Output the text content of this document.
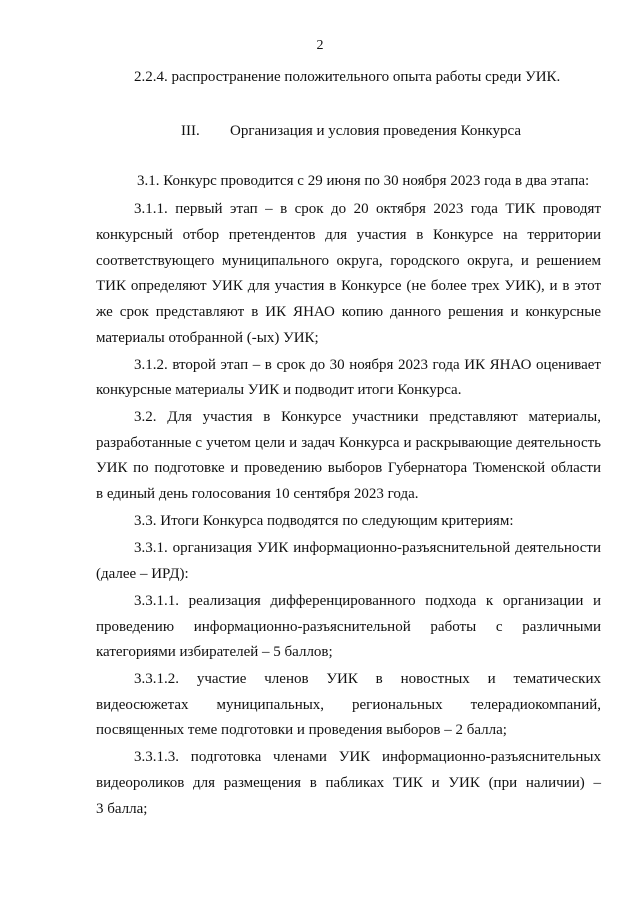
2
2.2.4. распространение положительного опыта работы среди УИК.
III. Организация и условия проведения Конкурса
3.1. Конкурс проводится с 29 июня по 30 ноября 2023 года в два этапа:
3.1.1. первый этап – в срок до 20 октября 2023 года ТИК проводят
конкурсный отбор претендентов для участия в Конкурсе на территории
соответствующего муниципального округа, городского округа, и решением
ТИК определяют УИК для участия в Конкурсе (не более трех УИК), и в этот
же срок представляют в ИК ЯНАО копию данного решения и конкурсные
материалы отобранной (-ых) УИК;
3.1.2. второй этап – в срок до 30 ноября 2023 года ИК ЯНАО оценивает
конкурсные материалы УИК и подводит итоги Конкурса.
3.2. Для участия в Конкурсе участники представляют материалы,
разработанные с учетом цели и задач Конкурса и раскрывающие деятельность
УИК по подготовке и проведению выборов Губернатора Тюменской области
в единый день голосования 10 сентября 2023 года.
3.3. Итоги Конкурса подводятся по следующим критериям:
3.3.1. организация УИК информационно-разъяснительной деятельности
(далее – ИРД):
3.3.1.1. реализация дифференцированного подхода к организации и
проведению информационно-разъяснительной работы с различными
категориями избирателей – 5 баллов;
3.3.1.2. участие членов УИК в новостных и тематических
видеосюжетах муниципальных, региональных телерадиокомпаний,
посвященных теме подготовки и проведения выборов – 2 балла;
3.3.1.3. подготовка членами УИК информационно-разъяснительных
видеороликов для размещения в пабликах ТИК и УИК (при наличии) –
3 балла;
